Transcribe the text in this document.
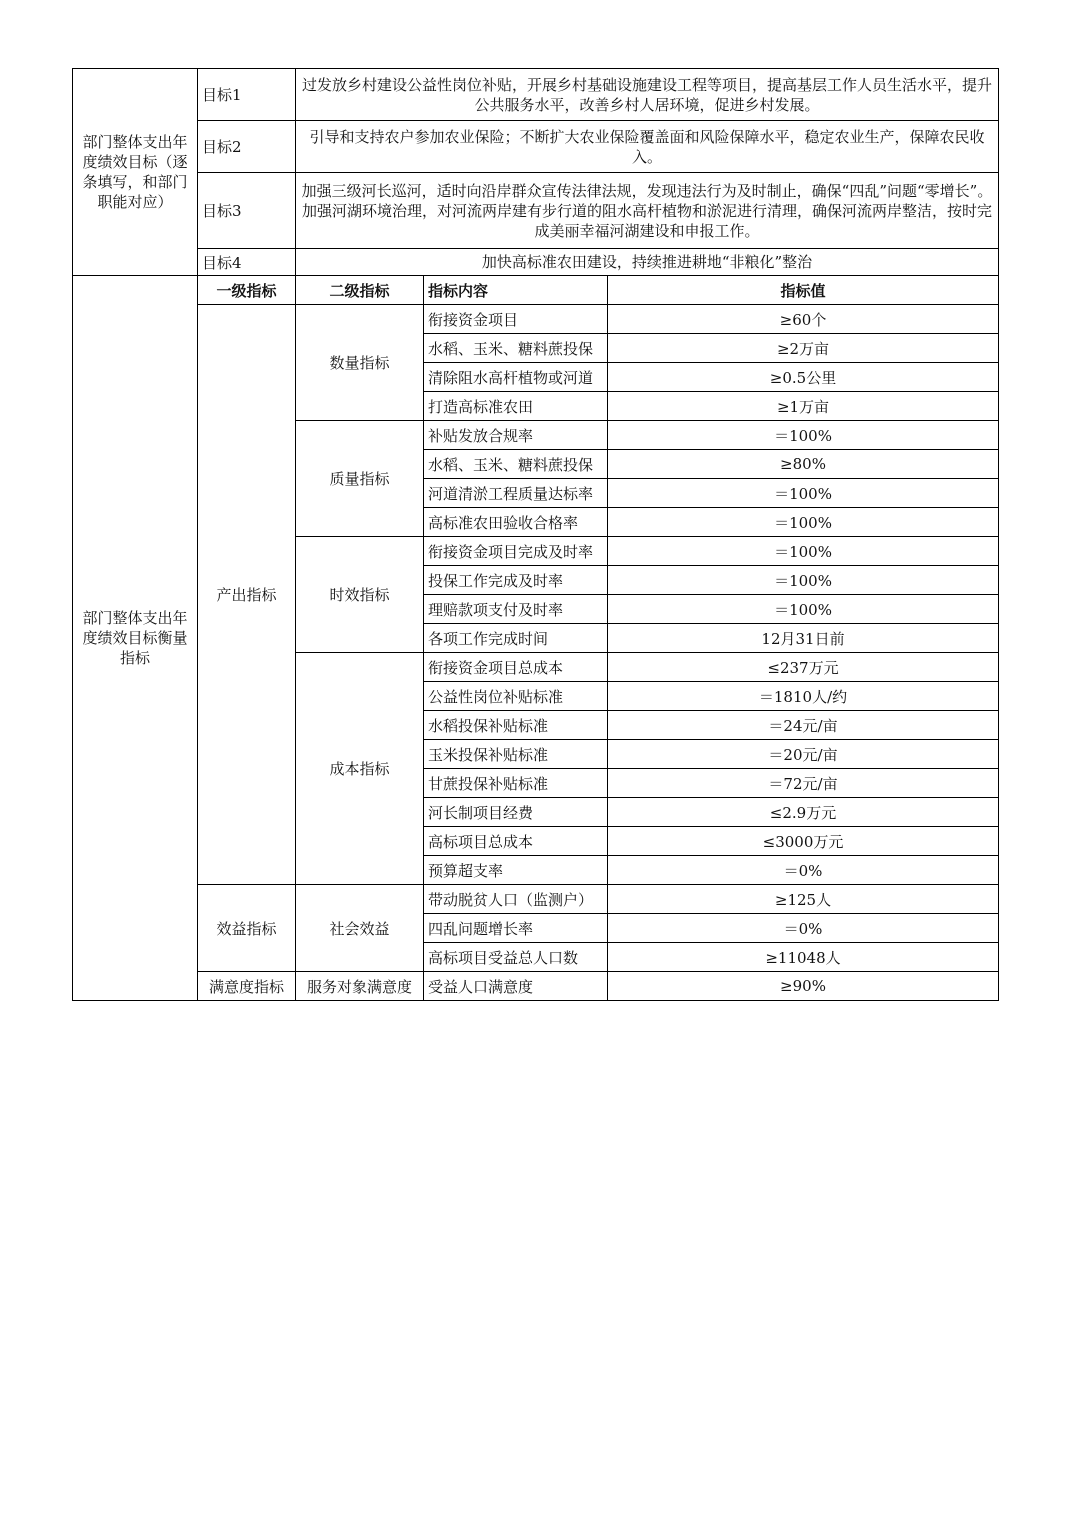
部门整体支出年度绩效目标（逐条填写，和部门职能对应）	目标1	过发放乡村建设公益性岗位补贴，开展乡村基础设施建设工程等项目，提高基层工作人员生活水平，提升公共服务水平，改善乡村人居环境，促进乡村发展。		
	目标2	引导和支持农户参加农业保险；不断扩大农业保险覆盖面和风险保障水平，稳定农业生产，保障农民收入。		
	目标3	加强三级河长巡河，适时向沿岸群众宣传法律法规，发现违法行为及时制止，确保“四乱”问题“零增长”。加强河湖环境治理，对河流两岸建有步行道的阻水高杆植物和淤泥进行清理，确保河流两岸整洁，按时完成美丽幸福河湖建设和申报工作。		
	目标4	加快高标准农田建设，持续推进耕地“非粮化”整治		
部门整体支出年度绩效目标衡量指标	一级指标	二级指标	指标内容	指标值
	产出指标	数量指标	衔接资金项目	≥60个
			水稻、玉米、糖料蔗投保	≥2万亩
			清除阻水高杆植物或河道	≥0.5公里
			打造高标准农田	≥1万亩
		质量指标	补贴发放合规率	＝100%
			水稻、玉米、糖料蔗投保	≥80%
			河道清淤工程质量达标率	＝100%
			高标准农田验收合格率	＝100%
		时效指标	衔接资金项目完成及时率	＝100%
			投保工作完成及时率	＝100%
			理赔款项支付及时率	＝100%
			各项工作完成时间	12月31日前
		成本指标	衔接资金项目总成本	≤237万元
			公益性岗位补贴标准	＝1810人/约
			水稻投保补贴标准	＝24元/亩
			玉米投保补贴标准	＝20元/亩
			甘蔗投保补贴标准	＝72元/亩
			河长制项目经费	≤2.9万元
			高标项目总成本	≤3000万元
			预算超支率	＝0%
	效益指标	社会效益	带动脱贫人口（监测户）	≥125人
			四乱问题增长率	＝0%
			高标项目受益总人口数	≥11048人
	满意度指标	服务对象满意度	受益人口满意度	≥90%
